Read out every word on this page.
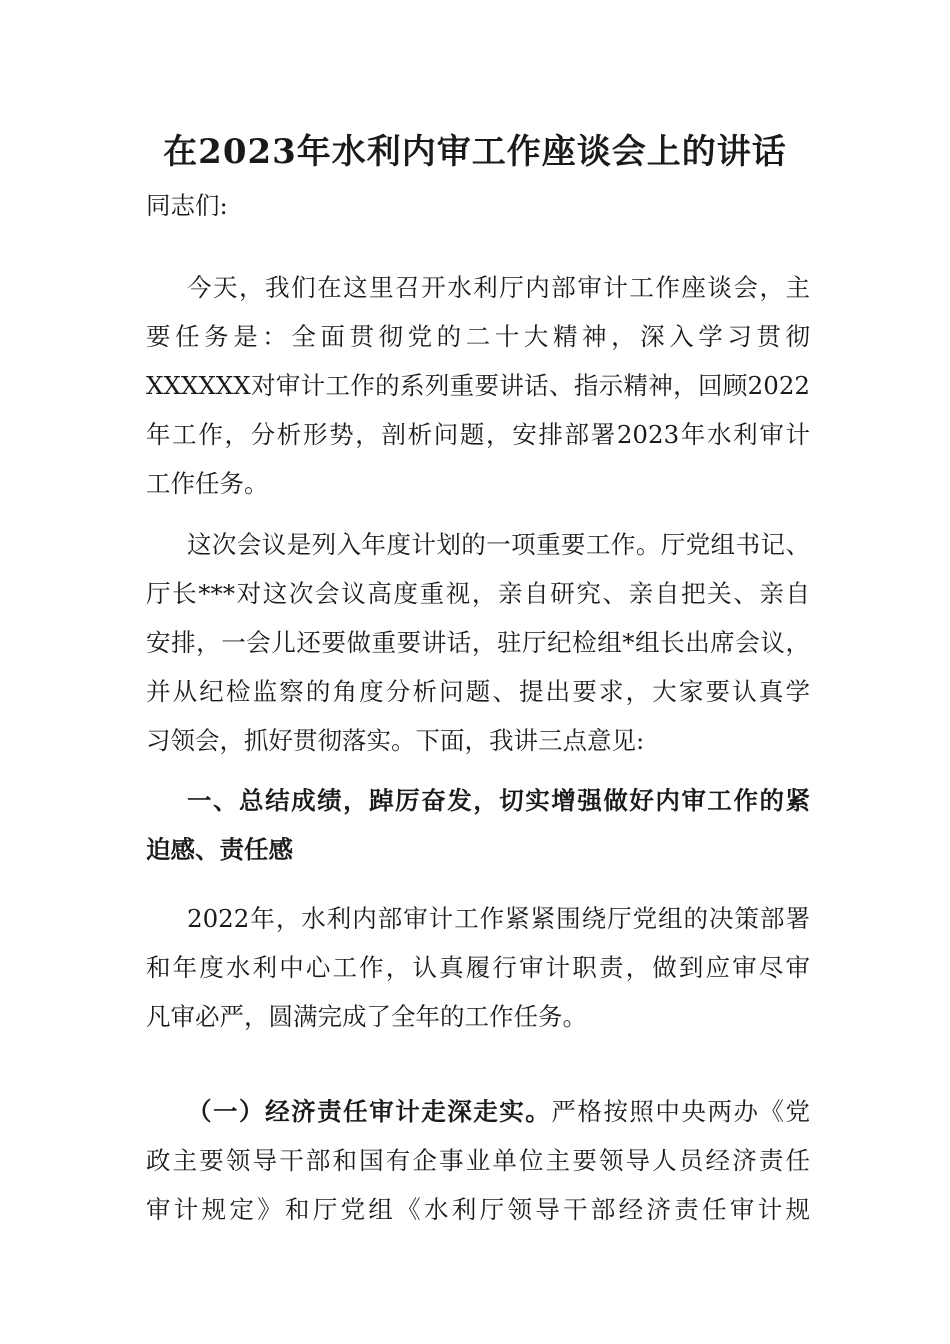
在2023年水利内审工作座谈会上的讲话
同志们:
今天，我们在这里召开水利厅内部审计工作座谈会，主
要任务是：全面贯彻党的二十大精神，深入学习贯彻
XXXXXX对审计工作的系列重要讲话、指示精神，回顾2022
年工作，分析形势，剖析问题，安排部署2023年水利审计
工作任务。
这次会议是列入年度计划的一项重要工作。厅党组书记、
厅长***对这次会议高度重视，亲自研究、亲自把关、亲自
安排，一会儿还要做重要讲话，驻厅纪检组*组长出席会议，
并从纪检监察的角度分析问题、提出要求，大家要认真学
习领会，抓好贯彻落实。下面，我讲三点意见:
一、总结成绩，踔厉奋发，切实增强做好内审工作的紧
迫感、责任感
2022年，水利内部审计工作紧紧围绕厅党组的决策部署
和年度水利中心工作，认真履行审计职责，做到应审尽审
凡审必严，圆满完成了全年的工作任务。
（一）经济责任审计走深走实。严格按照中央两办《党
政主要领导干部和国有企事业单位主要领导人员经济责任
审计规定》和厅党组《水利厅领导干部经济责任审计规
